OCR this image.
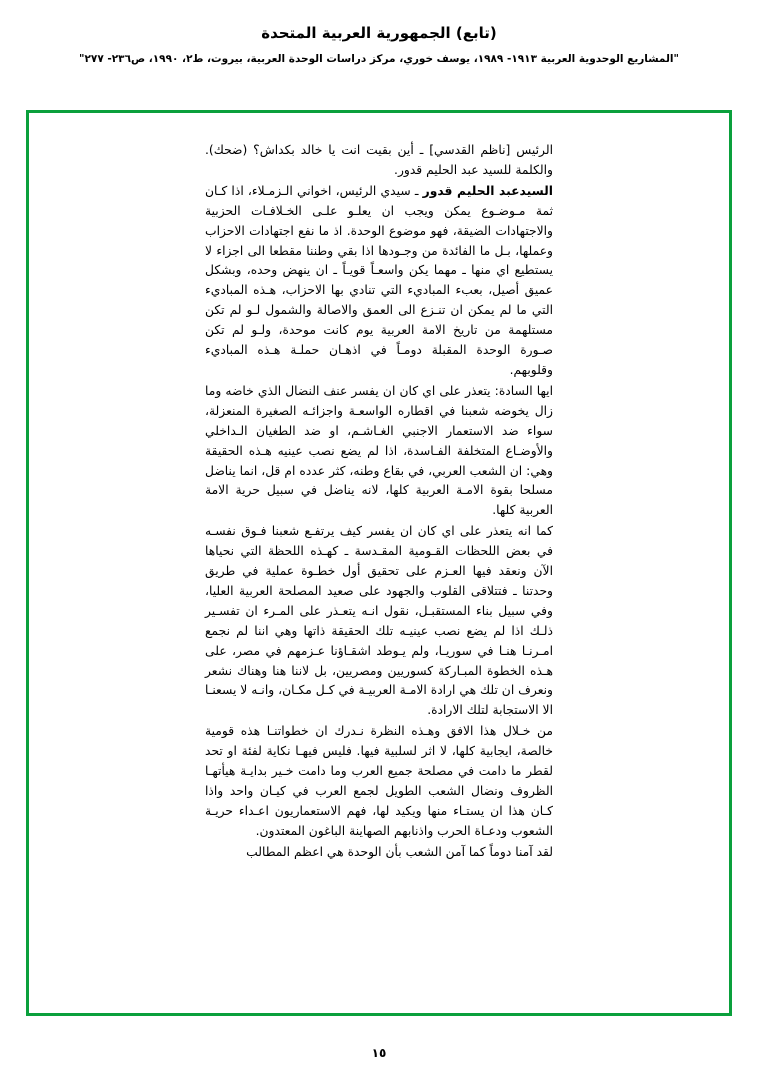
(تابع) الجمهورية العربية المتحدة
"المشاريع الوحدوية العربية ١٩١٣- ١٩٨٩، يوسف خوري، مركز دراسات الوحدة العربية، بيروت، ط٢، ١٩٩٠، ص٢٣٦- ٢٧٧"

الرئيس [ناظم القدسي] ـ أين بقيت انت يا خالد بكداش؟ (ضحك). والكلمة للسيد عبد الحليم قدور.

السيدعبد الحليم قدور ـ سيدي الرئيس، اخواني الـزمـلاء، اذا كـان ثمة مـوضـوع يمكن ويجب ان يعلـو علـى الخـلافـات الحزبية والاجتهادات الضيقة، فهو موضوع الوحدة. اذ ما نفع اجتهادات الاحزاب وعملها، بـل ما الفائدة من وجـودها اذا بقي وطننا مقطعا الى اجزاء لا يستطيع اي منها ـ مهما يكن واسعـاً قويـاً ـ ان ينهض وحده، وبشكل عميق أصيل، بعبء المباديء التي تنادي بها الاحزاب، هـذه المباديء التي ما لم يمكن ان تنـزع الى العمق والاصالة والشمول لـو لم تكن مستلهمة من تاريخ الامة العربية يوم كانت موحدة، ولـو لم تكن صـورة الوحدة المقبلة دومـاً في اذهـان حملـة هـذه المباديء وقلوبهم.

ايها السادة: يتعذر على اي كان ان يفسر عنف النضال الذي خاضه وما زال يخوضه شعبنا في اقطاره الواسعـة واجزائـه الصغيرة المنعزلة، سواء ضد الاستعمار الاجنبي الغـاشـم، او ضد الطغيان الـداخلي والأوضـاع المتخلفة الفـاسدة، اذا لم يضع نصب عينيه هـذه الحقيقة وهي: ان الشعب العربي، في بقاع وطنه، كثر عدده ام قل، انما يناضل مسلحا بقوة الامـة العربية كلها، لانه يناضل في سبيل حرية الامة العربية كلها.

كما انه يتعذر على اي كان ان يفسر كيف يرتفـع شعبنا فـوق نفسـه في بعض اللحظات القـومية المقـدسة ـ كهـذه اللحظة التي نحياها الآن ونعقد فيها العـزم على تحقيق أول خطـوة عملية في طريق وحدتنا ـ فتتلاقى القلوب والجهود على صعيد المصلحة العربية العليا، وفي سبيل بناء المستقبـل، نقول انـه يتعـذر على المـرء ان تفسـير ذلـك اذا لم يضع نصب عينيـه تلك الحقيقة ذاتها وهي اننا لم نجمع امـرنـا هنـا في سوريـا، ولم يـوطد اشقـاؤنا عـزمهم في مصر، على هـذه الخطوة المبـاركة كسوريين ومصريين، بل لاننا هنا وهناك نشعر ونعرف ان تلك هي ارادة الامـة العربيـة في كـل مكـان، وانـه لا يسعنـا الا الاستجابة لتلك الارادة.

من خـلال هذا الافق وهـذه النظرة نـدرك ان خطواتنـا هذه قومية خالصة، ايجابية كلها، لا اثر لسلبية فيها. فليس فيهـا نكاية لفئة او تحد لقطر ما دامت في مصلحة جميع العرب وما دامت خـير بدايـة هيأتهـا الظروف ونضال الشعب الطويل لجمع العرب في كيـان واحد واذا كـان هذا ان يستـاء منها ويكيد لها، فهم الاستعماريون اعـداء حريـة الشعوب ودعـاة الحرب واذنابهم الصهاينة الباغون المعتدون.

لقد آمنا دوماً كما آمن الشعب بأن الوحدة هي اعظم المطالب

١٥
